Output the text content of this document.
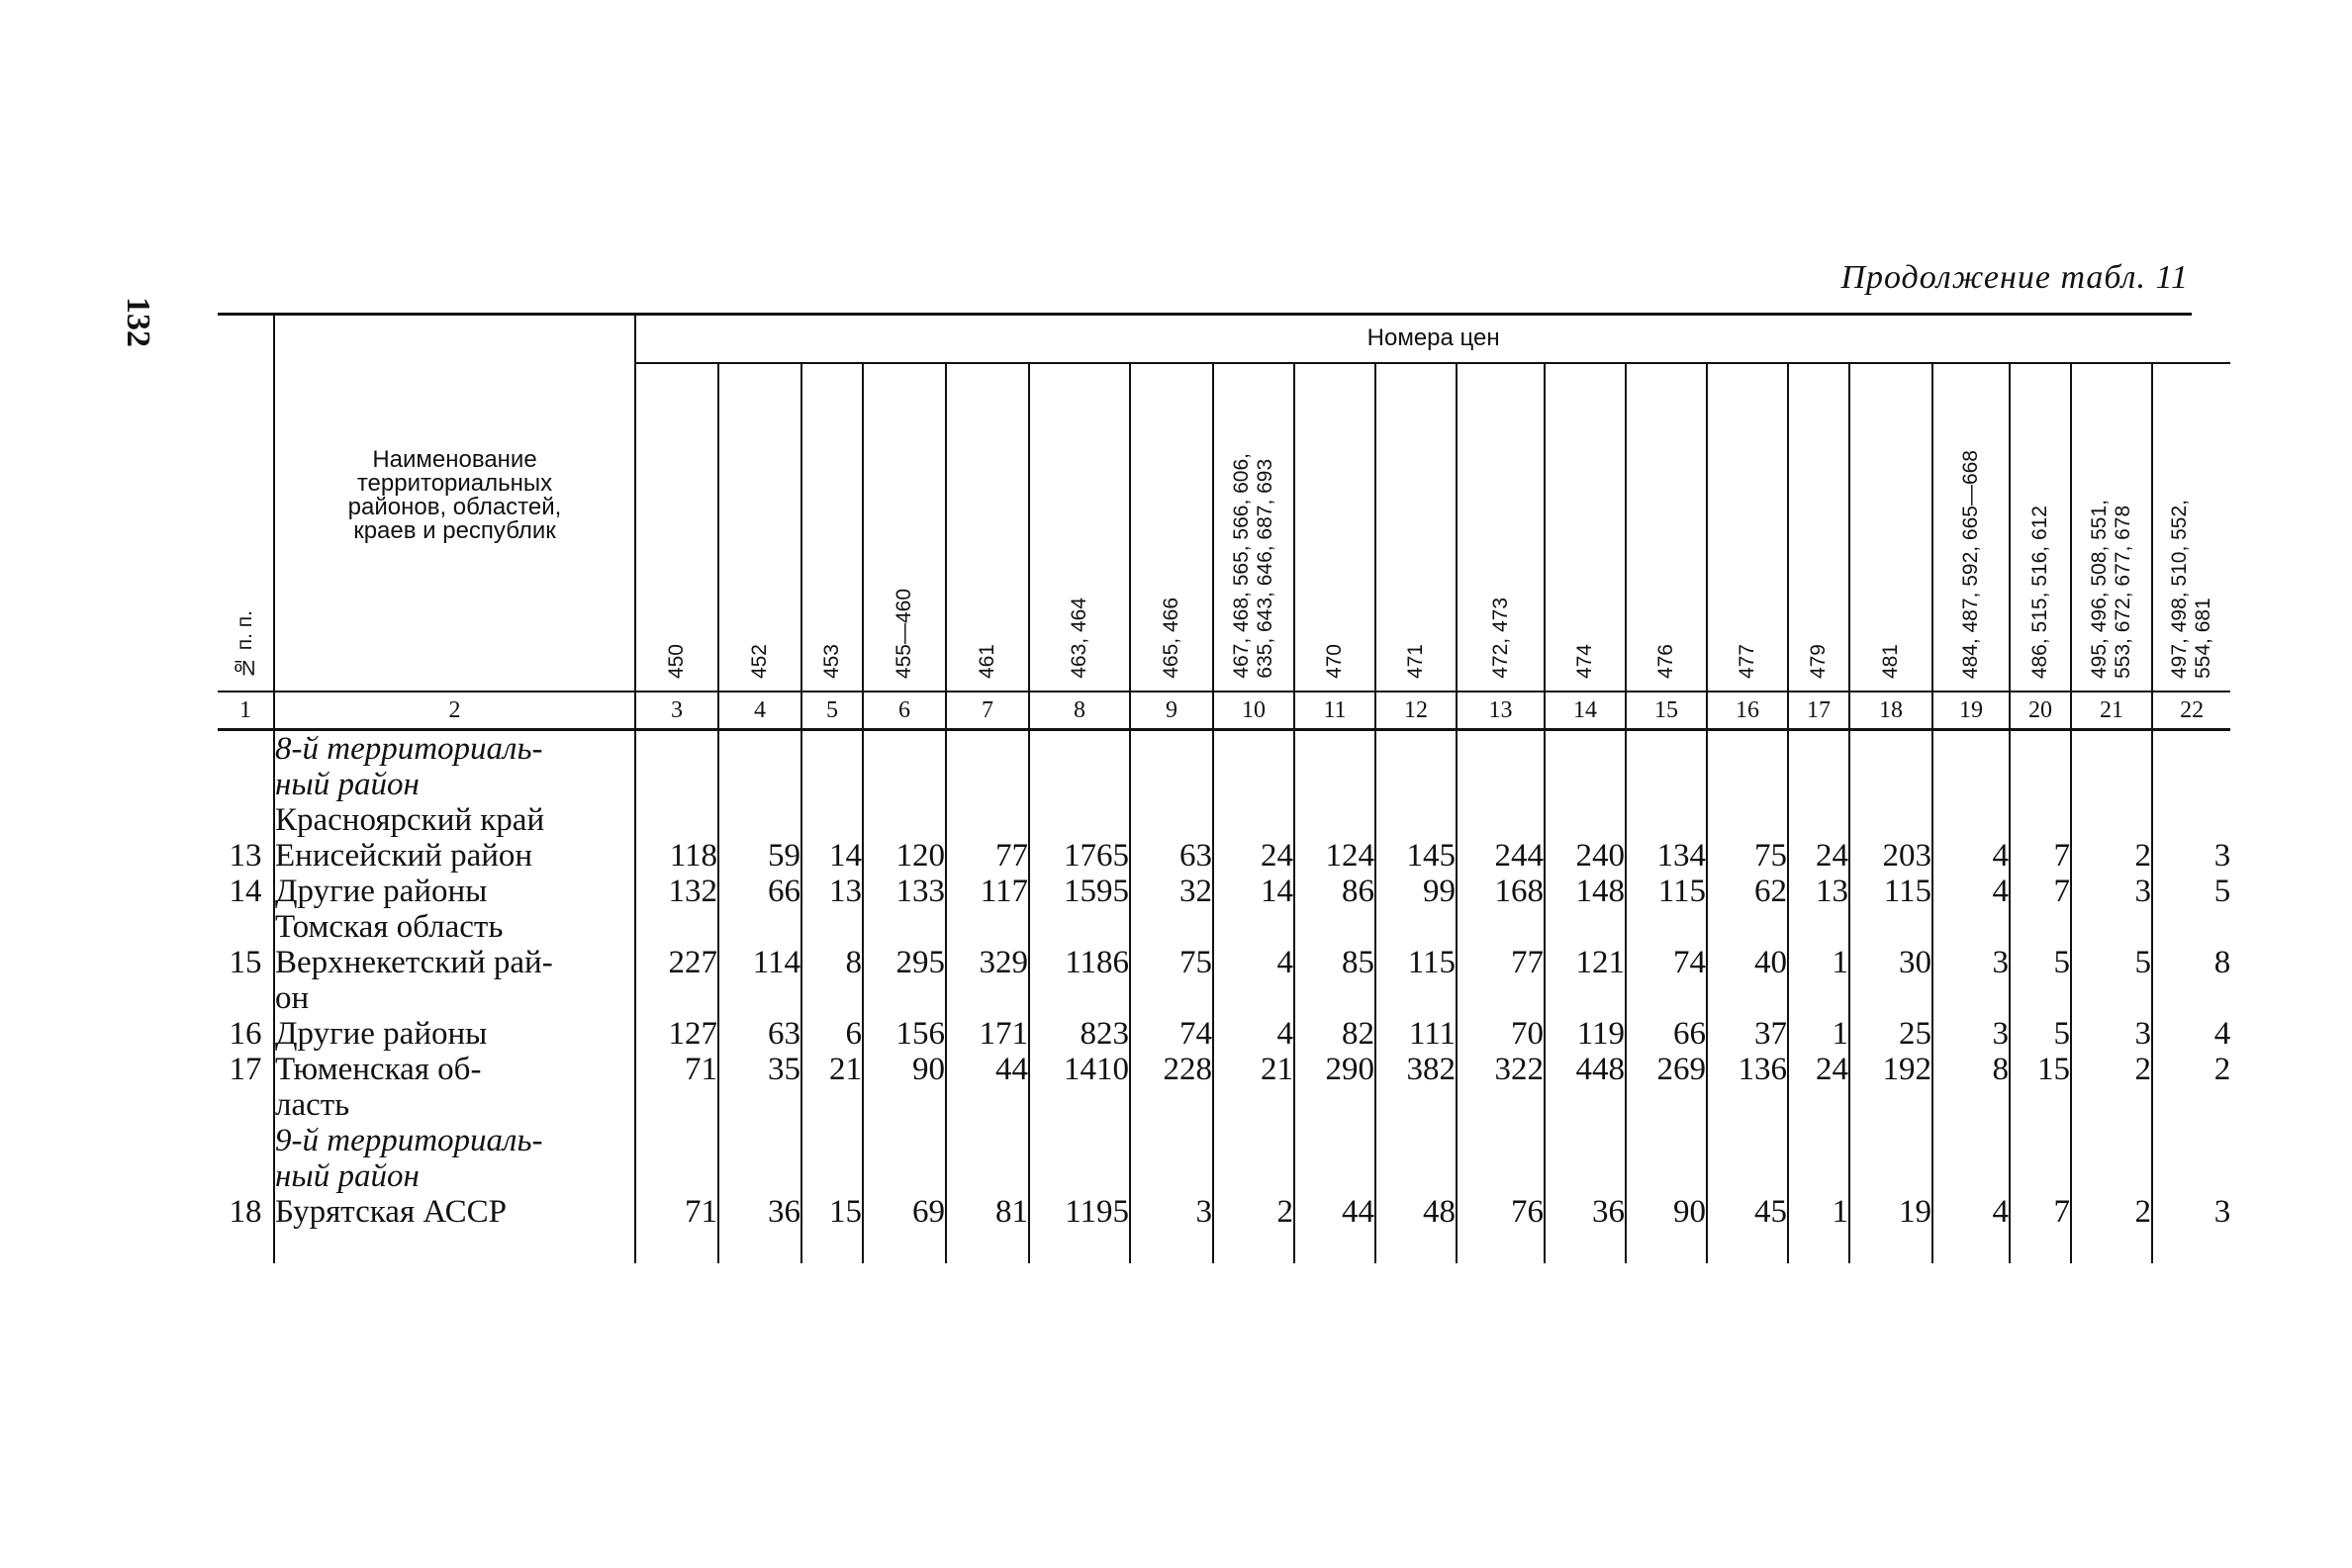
132
Продолжение табл. 11
№ п. п.	Наименование
территориальных
районов, областей,
краев и республик	Номера цен																			

		450	452	453	455—460	461	463, 464	465, 466	467, 468, 565, 566, 606,
635, 643, 646, 687, 693	470	471	472, 473	474	476	477	479	481	484, 487, 592, 665—668	486, 515, 516, 612	495, 496, 508, 551,
553, 672, 677, 678	497, 498, 510, 552,
554, 681

1	2	3	4	5	6	7	8	9	10	11	12	13	14	15	16	17	18	19	20	21	22
	8-й территориаль-
ный район																				
	Красноярский край																				
13	Енисейский район	118	59	14	120	77	1765	63	24	124	145	244	240	134	75	24	203	4	7	2	3
14	Другие районы	132	66	13	133	117	1595	32	14	86	99	168	148	115	62	13	115	4	7	3	5
	Томская область																				
15	Верхнекетский рай-
он	227	114	8	295	329	1186	75	4	85	115	77	121	74	40	1	30	3	5	5	8
16	Другие районы	127	63	6	156	171	823	74	4	82	111	70	119	66	37	1	25	3	5	3	4
17	Тюменская об-
ласть	71	35	21	90	44	1410	228	21	290	382	322	448	269	136	24	192	8	15	2	2
	9-й территориаль-
ный район																				
18	Бурятская АССР	71	36	15	69	81	1195	3	2	44	48	76	36	90	45	1	19	4	7	2	3
